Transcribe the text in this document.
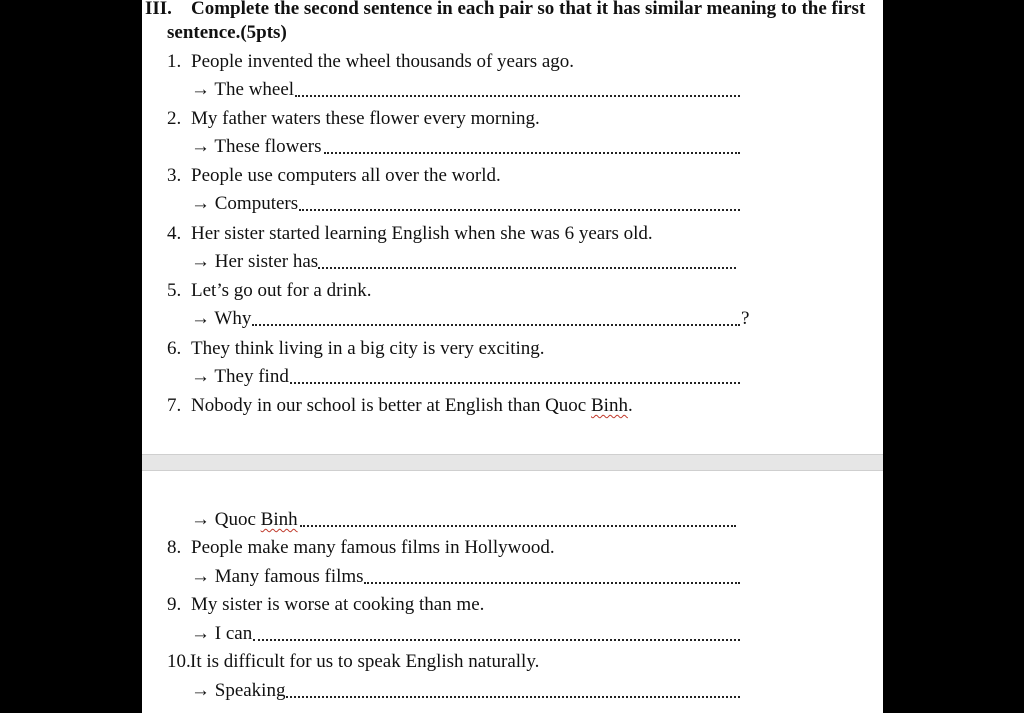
III. Complete the second sentence in each pair so that it has similar meaning to the first
sentence.(5pts)
1. People invented the wheel thousands of years ago.
→ The wheel
2. My father waters these flower every morning.
→ These flowers
3. People use computers all over the world.
→ Computers
4. Her sister started learning English when she was 6 years old.
→ Her sister has
5. Let’s go out for a drink.
→ Why	?
6. They think living in a big city is very exciting.
→ They find
7. Nobody in our school is better at English than Quoc Binh.
→ Quoc Binh
8. People make many famous films in Hollywood.
→ Many famous films
9. My sister is worse at cooking than me.
→ I can
10. It is difficult for us to speak English naturally.
→ Speaking
